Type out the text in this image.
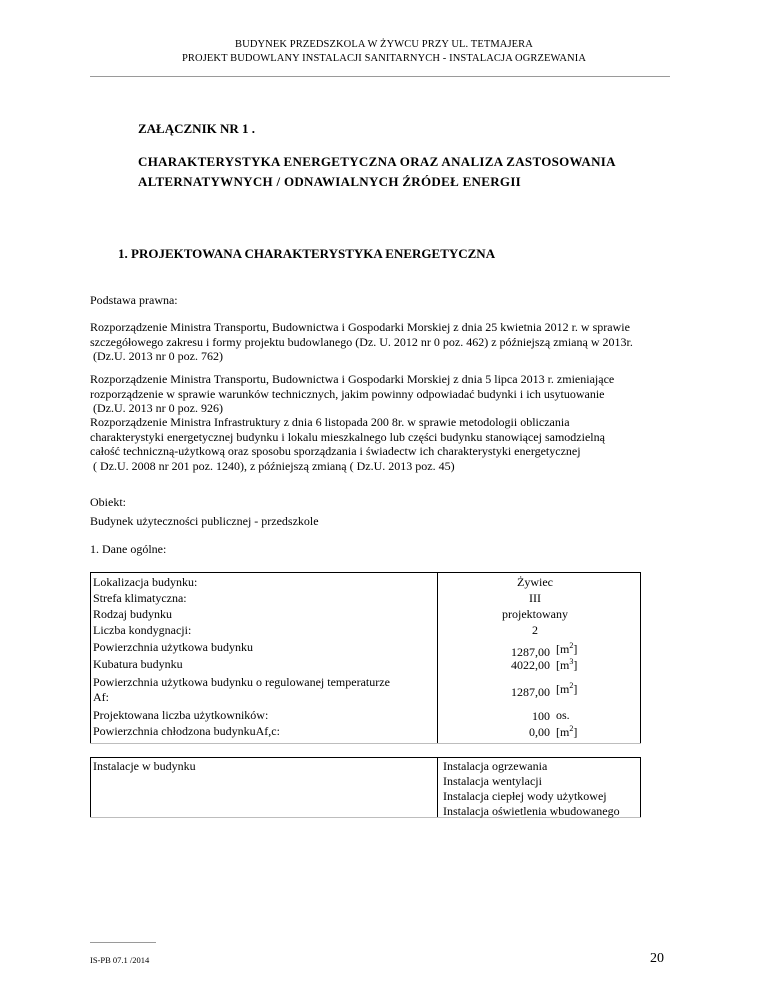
BUDYNEK PRZEDSZKOLA W ŻYWCU PRZY UL. TETMAJERA
PROJEKT BUDOWLANY INSTALACJI SANITARNYCH - INSTALACJA OGRZEWANIA
ZAŁĄCZNIK NR 1 .
CHARAKTERYSTYKA ENERGETYCZNA ORAZ ANALIZA ZASTOSOWANIA
ALTERNATYWNYCH / ODNAWIALNYCH ŹRÓDEŁ ENERGII
1. PROJEKTOWANA CHARAKTERYSTYKA ENERGETYCZNA
Podstawa prawna:
Rozporządzenie Ministra Transportu, Budownictwa i Gospodarki Morskiej z dnia 25 kwietnia 2012 r. w sprawie
szczegółowego zakresu i formy projektu budowlanego (Dz. U. 2012 nr 0 poz. 462) z późniejszą zmianą w 2013r.
(Dz.U. 2013 nr 0 poz. 762)
Rozporządzenie Ministra Transportu, Budownictwa i Gospodarki Morskiej z dnia 5 lipca 2013 r. zmieniające
rozporządzenie w sprawie warunków technicznych, jakim powinny odpowiadać budynki i ich usytuowanie
(Dz.U. 2013 nr 0 poz. 926)
Rozporządzenie Ministra Infrastruktury z dnia 6 listopada 200 8r. w sprawie metodologii obliczania
charakterystyki energetycznej budynku i lokalu mieszkalnego lub części budynku stanowiącej samodzielną
całość techniczną-użytkową oraz sposobu sporządzania i świadectw ich charakterystyki energetycznej
( Dz.U. 2008 nr 201 poz. 1240), z późniejszą zmianą ( Dz.U. 2013 poz. 45)
Obiekt:
Budynek użyteczności publicznej - przedszkole
1. Dane ogólne:
Lokalizacja budynku:	Żywiec
Strefa klimatyczna:	III
Rodzaj budynku	projektowany
Liczba kondygnacji:	2
Powierzchnia użytkowa budynku	1287,00 $[m^2]$
Kubatura budynku	4022,00 $[m^3]$
Powierzchnia użytkowa budynku o regulowanej temperaturze
Af:	1287,00 $[m^2]$
Projektowana liczba użytkowników:	100 os.
Powierzchnia chłodzona budynkuAf,c:	0,00 $[m^2]$
Instalacje w budynku	Instalacja ogrzewania
Instalacja wentylacji
Instalacja ciepłej wody użytkowej
Instalacja oświetlenia wbudowanego
IS-PB 07.1 /2014	20
